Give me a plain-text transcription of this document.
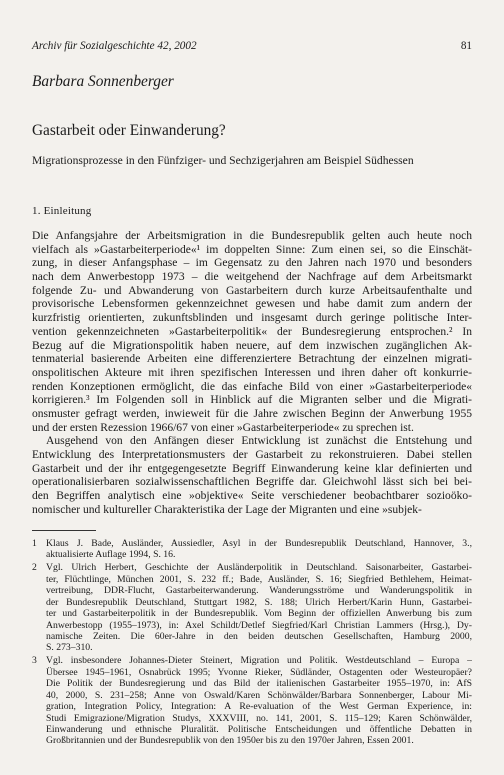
Archiv für Sozialgeschichte 42, 2002	81
Barbara Sonnenberger
Gastarbeit oder Einwanderung?
Migrationsprozesse in den Fünfziger- und Sechzigerjahren am Beispiel Südhessen
1. Einleitung
Die Anfangsjahre der Arbeitsmigration in die Bundesrepublik gelten auch heute noch
vielfach als »Gastarbeiterperiode«¹ im doppelten Sinne: Zum einen sei, so die Einschät-
zung, in dieser Anfangsphase – im Gegensatz zu den Jahren nach 1970 und besonders
nach dem Anwerbestopp 1973 – die weitgehend der Nachfrage auf dem Arbeitsmarkt
folgende Zu- und Abwanderung von Gastarbeitern durch kurze Arbeitsaufenthalte und
provisorische Lebensformen gekennzeichnet gewesen und habe damit zum andern der
kurzfristig orientierten, zukunftsblinden und insgesamt durch geringe politische Inter-
vention gekennzeichneten »Gastarbeiterpolitik« der Bundesregierung entsprochen.² In
Bezug auf die Migrationspolitik haben neuere, auf dem inzwischen zugänglichen Ak-
tenmaterial basierende Arbeiten eine differenziertere Betrachtung der einzelnen migrati-
onspolitischen Akteure mit ihren spezifischen Interessen und ihren daher oft konkurrie-
renden Konzeptionen ermöglicht, die das einfache Bild von einer »Gastarbeiterperiode«
korrigieren.³ Im Folgenden soll in Hinblick auf die Migranten selber und die Migrati-
onsmuster gefragt werden, inwieweit für die Jahre zwischen Beginn der Anwerbung 1955
und der ersten Rezession 1966/67 von einer »Gastarbeiterperiode« zu sprechen ist.
Ausgehend von den Anfängen dieser Entwicklung ist zunächst die Entstehung und
Entwicklung des Interpretationsmusters der Gastarbeit zu rekonstruieren. Dabei stellen
Gastarbeit und der ihr entgegengesetzte Begriff Einwanderung keine klar definierten und
operationalisierbaren sozialwissenschaftlichen Begriffe dar. Gleichwohl lässt sich bei bei-
den Begriffen analytisch eine »objektive« Seite verschiedener beobachtbarer sozioöko-
nomischer und kultureller Charakteristika der Lage der Migranten und eine »subjek-
1 Klaus J. Bade, Ausländer, Aussiedler, Asyl in der Bundesrepublik Deutschland, Hannover, 3.,
aktualisierte Auflage 1994, S. 16.
2 Vgl. Ulrich Herbert, Geschichte der Ausländerpolitik in Deutschland. Saisonarbeiter, Gastarbei-
ter, Flüchtlinge, München 2001, S. 232 ff.; Bade, Ausländer, S. 16; Siegfried Bethlehem, Heimat-
vertreibung, DDR-Flucht, Gastarbeiterwanderung. Wanderungsströme und Wanderungspolitik in
der Bundesrepublik Deutschland, Stuttgart 1982, S. 188; Ulrich Herbert/Karin Hunn, Gastarbei-
ter und Gastarbeiterpolitik in der Bundesrepublik. Vom Beginn der offiziellen Anwerbung bis zum
Anwerbestopp (1955–1973), in: Axel Schildt/Detlef Siegfried/Karl Christian Lammers (Hrsg.), Dy-
namische Zeiten. Die 60er-Jahre in den beiden deutschen Gesellschaften, Hamburg 2000,
S. 273–310.
3 Vgl. insbesondere Johannes-Dieter Steinert, Migration und Politik. Westdeutschland – Europa –
Übersee 1945–1961, Osnabrück 1995; Yvonne Rieker, Südländer, Ostagenten oder Westeuropäer?
Die Politik der Bundesregierung und das Bild der italienischen Gastarbeiter 1955–1970, in: AfS
40, 2000, S. 231–258; Anne von Oswald/Karen Schönwälder/Barbara Sonnenberger, Labour Mi-
gration, Integration Policy, Integration: A Re-evaluation of the West German Experience, in:
Studi Emigrazione/Migration Studys, XXXVIII, no. 141, 2001, S. 115–129; Karen Schönwälder,
Einwanderung und ethnische Pluralität. Politische Entscheidungen und öffentliche Debatten in
Großbritannien und der Bundesrepublik von den 1950er bis zu den 1970er Jahren, Essen 2001.
